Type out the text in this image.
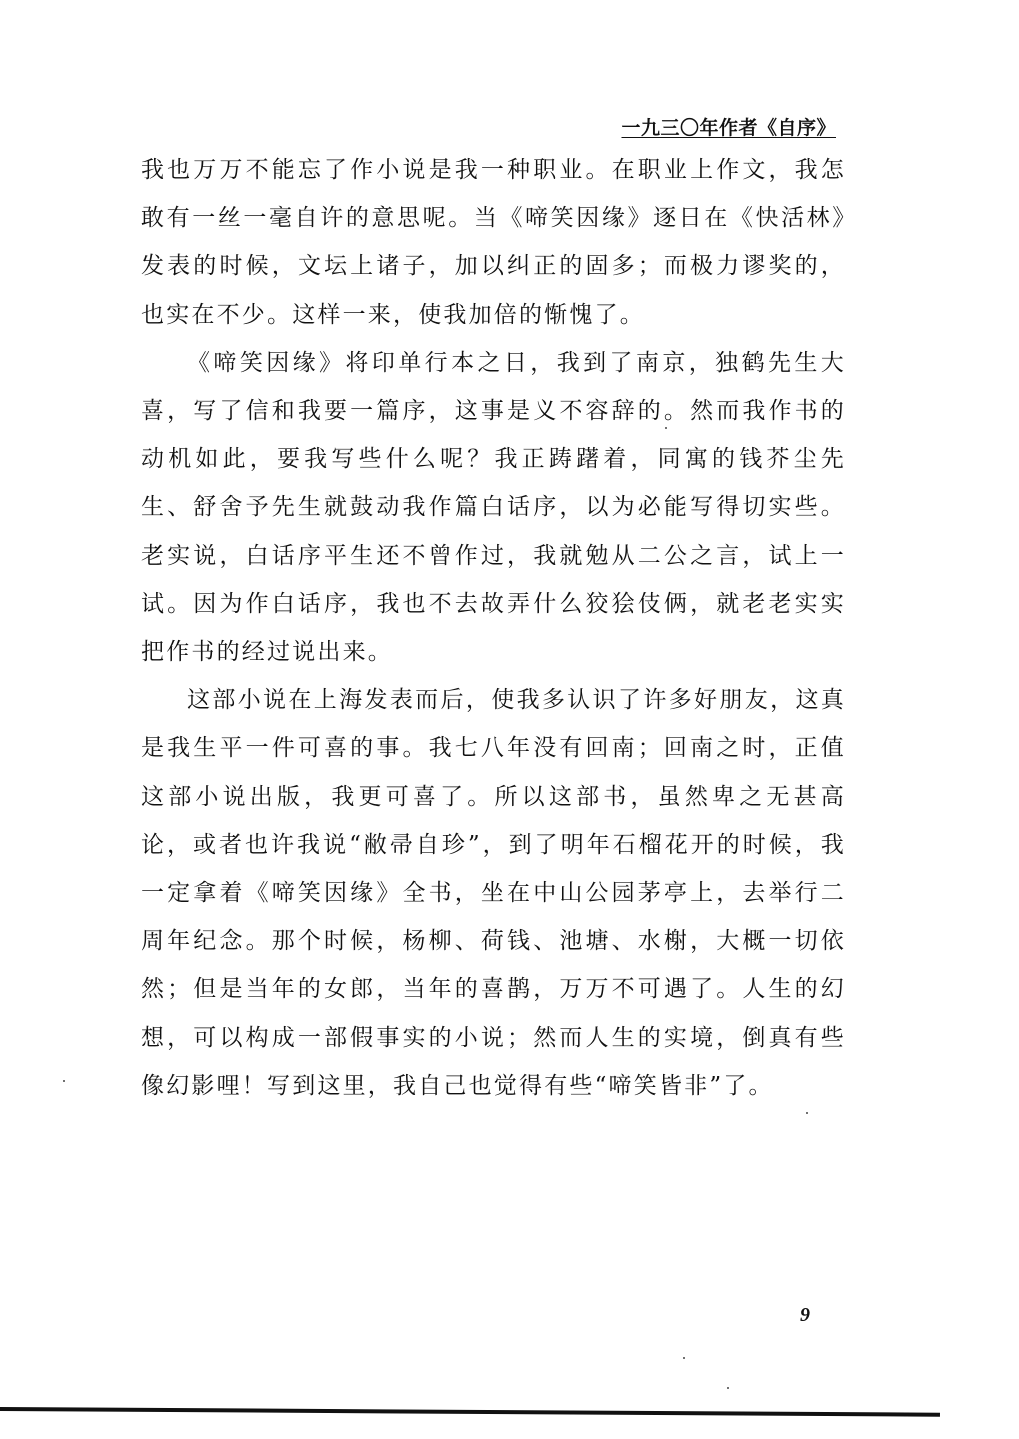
一九三〇年作者《自序》

我也万万不能忘了作小说是我一种职业。在职业上作文，我怎敢有一丝一毫自许的意思呢。当《啼笑因缘》逐日在《快活林》发表的时候，文坛上诸子，加以纠正的固多；而极力谬奖的，也实在不少。这样一来，使我加倍的惭愧了。

《啼笑因缘》将印单行本之日，我到了南京，独鹤先生大喜，写了信和我要一篇序，这事是义不容辞的。然而我作书的动机如此，要我写些什么呢？我正踌躇着，同寓的钱芥尘先生、舒舍予先生就鼓动我作篇白话序，以为必能写得切实些。老实说，白话序平生还不曾作过，我就勉从二公之言，试上一试。因为作白话序，我也不去故弄什么狡狯伎俩，就老老实实把作书的经过说出来。

这部小说在上海发表而后，使我多认识了许多好朋友，这真是我生平一件可喜的事。我七八年没有回南；回南之时，正值这部小说出版，我更可喜了。所以这部书，虽然卑之无甚高论，或者也许我说“敝帚自珍”，到了明年石榴花开的时候，我一定拿着《啼笑因缘》全书，坐在中山公园茅亭上，去举行二周年纪念。那个时候，杨柳、荷钱、池塘、水榭，大概一切依然；但是当年的女郎，当年的喜鹊，万万不可遇了。人生的幻想，可以构成一部假事实的小说；然而人生的实境，倒真有些像幻影哩！写到这里，我自己也觉得有些“啼笑皆非”了。

9
